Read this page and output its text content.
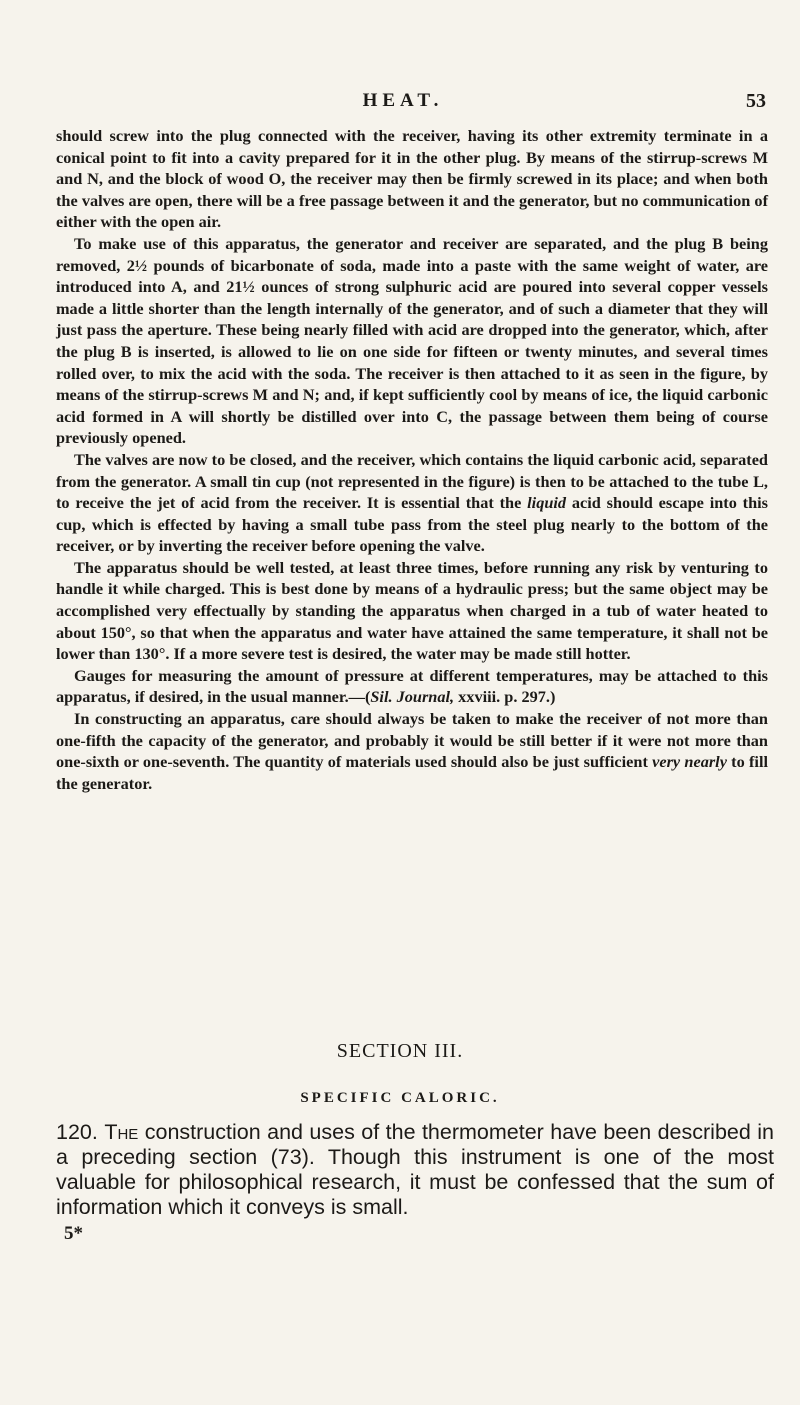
HEAT.	53

should screw into the plug connected with the receiver, having its other extremity terminate in a conical point to fit into a cavity prepared for it in the other plug. By means of the stirrup-screws M and N, and the block of wood O, the receiver may then be firmly screwed in its place; and when both the valves are open, there will be a free passage between it and the generator, but no communication of either with the open air.

To make use of this apparatus, the generator and receiver are separated, and the plug B being removed, 2½ pounds of bicarbonate of soda, made into a paste with the same weight of water, are introduced into A, and 21½ ounces of strong sulphuric acid are poured into several copper vessels made a little shorter than the length internally of the generator, and of such a diameter that they will just pass the aperture. These being nearly filled with acid are dropped into the generator, which, after the plug B is inserted, is allowed to lie on one side for fifteen or twenty minutes, and several times rolled over, to mix the acid with the soda. The receiver is then attached to it as seen in the figure, by means of the stirrup-screws M and N; and, if kept sufficiently cool by means of ice, the liquid carbonic acid formed in A will shortly be distilled over into C, the passage between them being of course previously opened.

The valves are now to be closed, and the receiver, which contains the liquid carbonic acid, separated from the generator. A small tin cup (not represented in the figure) is then to be attached to the tube L, to receive the jet of acid from the receiver. It is essential that the liquid acid should escape into this cup, which is effected by having a small tube pass from the steel plug nearly to the bottom of the receiver, or by inverting the receiver before opening the valve.

The apparatus should be well tested, at least three times, before running any risk by venturing to handle it while charged. This is best done by means of a hydraulic press; but the same object may be accomplished very effectually by standing the apparatus when charged in a tub of water heated to about 150°, so that when the apparatus and water have attained the same temperature, it shall not be lower than 130°. If a more severe test is desired, the water may be made still hotter.

Gauges for measuring the amount of pressure at different temperatures, may be attached to this apparatus, if desired, in the usual manner.—(Sil. Journal, xxviii. p. 297.)

In constructing an apparatus, care should always be taken to make the receiver of not more than one-fifth the capacity of the generator, and probably it would be still better if it were not more than one-sixth or one-seventh. The quantity of materials used should also be just sufficient very nearly to fill the generator.

SECTION III.
SPECIFIC CALORIC.
120. The construction and uses of the thermometer have been described in a preceding section (73). Though this instrument is one of the most valuable for philosophical research, it must be confessed that the sum of information which it conveys is small.
5*
